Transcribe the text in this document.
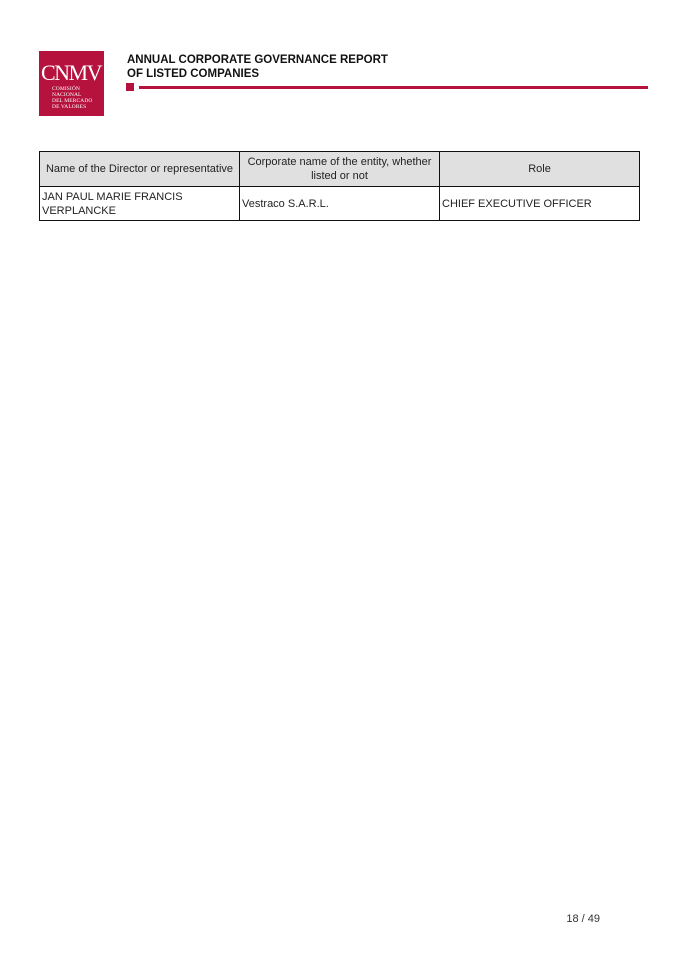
CNMV
COMISIÓN
NACIONAL
DEL MERCADO
DE VALORES
ANNUAL CORPORATE GOVERNANCE REPORT
OF LISTED COMPANIES
Name of the Director or representative	Corporate name of the entity, whether listed or not	Role
JAN PAUL MARIE FRANCIS VERPLANCKE	Vestraco S.A.R.L.	CHIEF EXECUTIVE OFFICER
18 / 49
